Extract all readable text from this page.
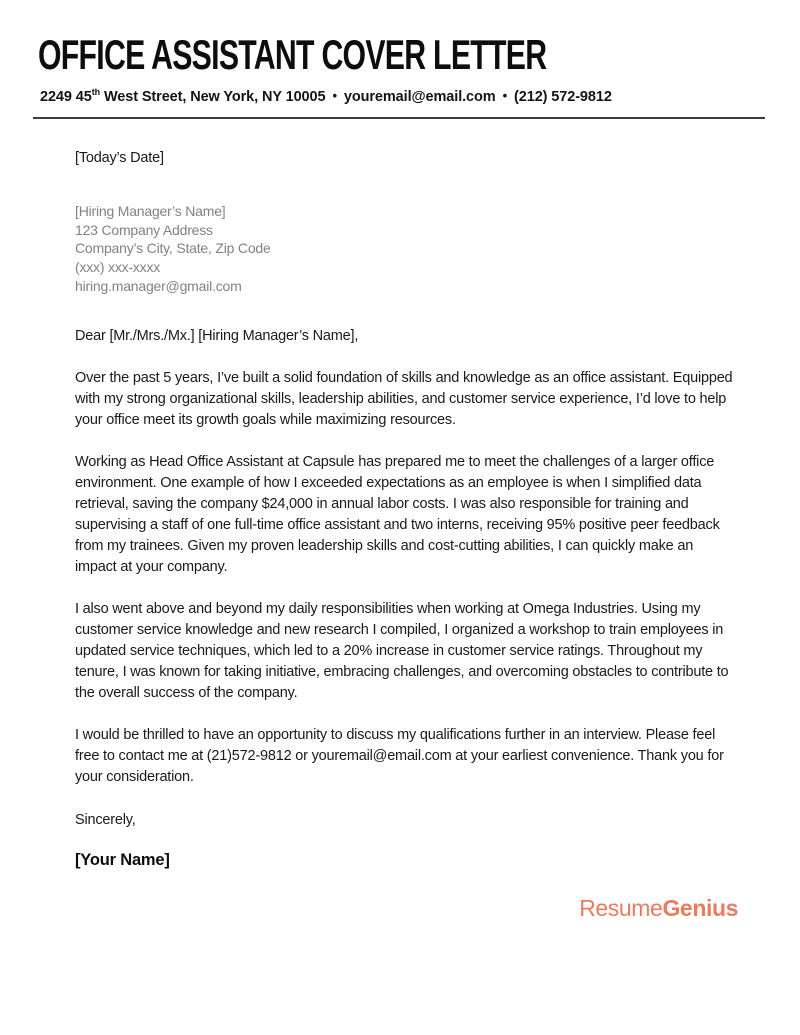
OFFICE ASSISTANT COVER LETTER
2249 45th West Street, New York, NY 10005 • youremail@email.com • (212) 572-9812
[Today’s Date]
[Hiring Manager’s Name]
123 Company Address
Company’s City, State, Zip Code
(xxx) xxx-xxxx
hiring.manager@gmail.com
Dear [Mr./Mrs./Mx.] [Hiring Manager’s Name],

Over the past 5 years, I’ve built a solid foundation of skills and knowledge as an office assistant. Equipped with my strong organizational skills, leadership abilities, and customer service experience, I’d love to help your office meet its growth goals while maximizing resources.

Working as Head Office Assistant at Capsule has prepared me to meet the challenges of a larger office environment. One example of how I exceeded expectations as an employee is when I simplified data retrieval, saving the company $24,000 in annual labor costs. I was also responsible for training and supervising a staff of one full-time office assistant and two interns, receiving 95% positive peer feedback from my trainees. Given my proven leadership skills and cost-cutting abilities, I can quickly make an impact at your company.

I also went above and beyond my daily responsibilities when working at Omega Industries. Using my customer service knowledge and new research I compiled, I organized a workshop to train employees in updated service techniques, which led to a 20% increase in customer service ratings. Throughout my tenure, I was known for taking initiative, embracing challenges, and overcoming obstacles to contribute to the overall success of the company.

I would be thrilled to have an opportunity to discuss my qualifications further in an interview. Please feel free to contact me at (21)572-9812 or youremail@email.com at your earliest convenience. Thank you for your consideration.

Sincerely,
[Your Name]
ResumeGenius
